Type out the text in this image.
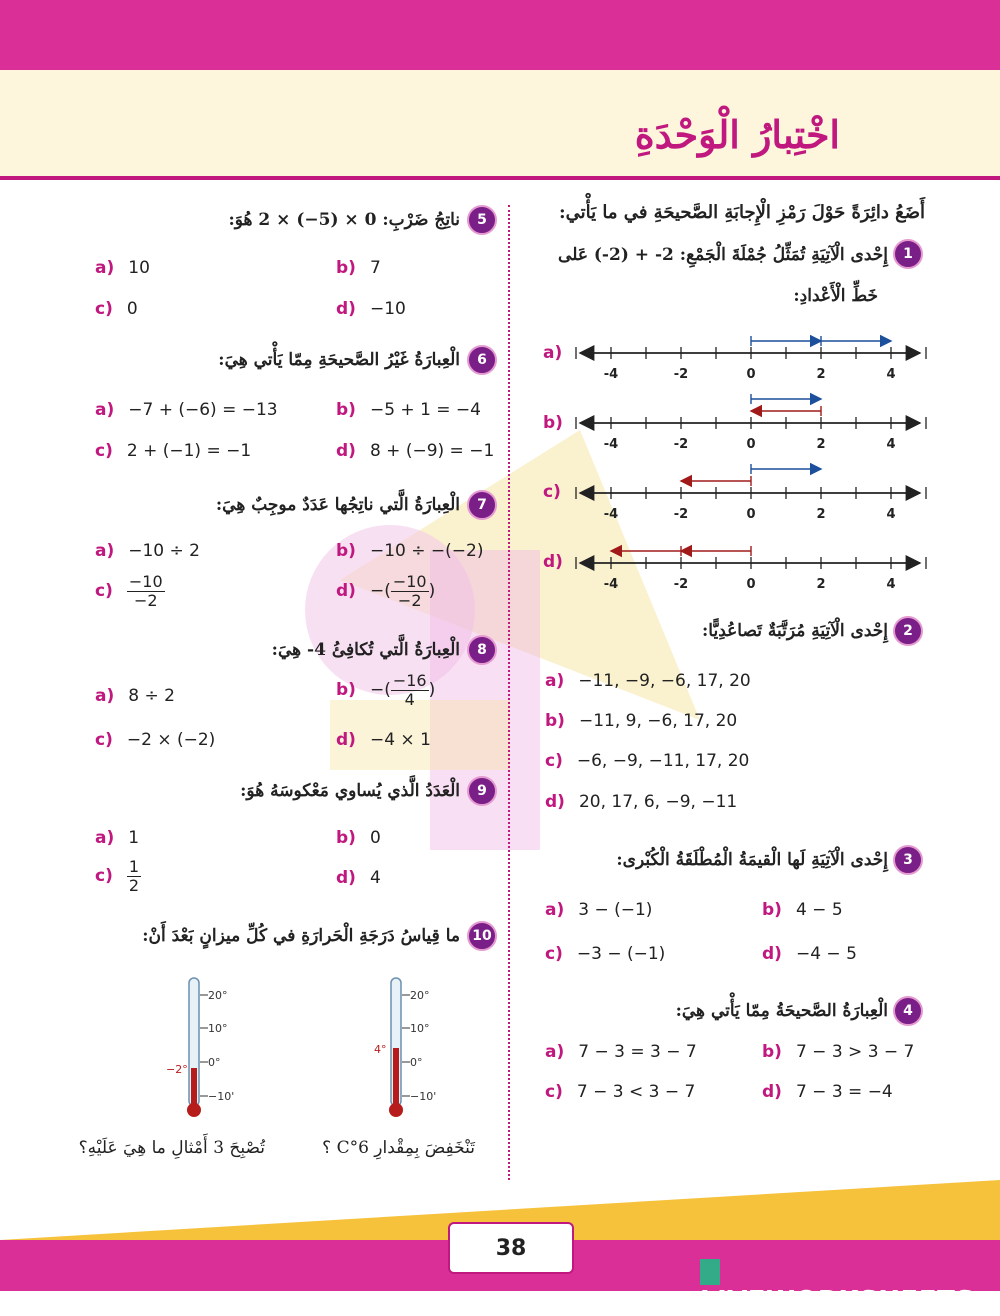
اخْتِبارُ الْوَحْدَةِ
أَضَعُ دائِرَةً حَوْلَ رَمْزِ الْإِجابَةِ الصَّحيحَةِ في ما يَأْتي:
1
إِحْدى الْآتِيَةِ تُمَثِّلُ جُمْلَةَ الْجَمْعِ: 2- + (2-) عَلى
خَطِّ الْأَعْدادِ:
-4	-2	0	2	4
-4	-2	0	2	4
-4	-2	0	2	4
-4	-2	0	2	4
a)
b)
c)
d)
2
إِحْدى الْآتِيَةِ مُرَتَّبَةٌ تَصاعُدِيًّا:
a) −11, −9, −6, 17, 20
b) −11, 9, −6, 17, 20
c) −6, −9, −11, 17, 20
d) 20, 17, 6, −9, −11
3
إِحْدى الْآتِيَةِ لَها الْقيمَةُ الْمُطْلَقَةُ الْكُبْرى:
a) 3 − (−1)	b) 4 − 5
c) −3 − (−1)	d) −4 − 5
4
الْعِبارَةُ الصَّحيحَةُ مِمّا يَأْتي هِيَ:
a) 7 − 3 = 3 − 7	b) 7 − 3 > 3 − 7
c) 7 − 3 < 3 − 7	d) 7 − 3 = −4
5
ناتِجُ ضَرْبِ: 0 × (5−) × 2 هُوَ:
a) 10	b) 7
c) 0	d) −10
6
الْعِبارَةُ غَيْرُ الصَّحيحَةِ مِمّا يَأْتي هِيَ:
a) −7 + (−6) = −13	b) −5 + 1 = −4
c) 2 + (−1) = −1	d) 8 + (−9) = −1
7
الْعِبارَةُ الَّتي ناتِجُها عَدَدٌ موجِبٌ هِيَ:
a) −10 ÷ 2	b) −10 ÷ −(−2)
$c) \frac{-10}{-2}$	d) −( $\frac{-10}{-2}$ )
8
الْعِبارَةُ الَّتي تُكافِئُ 4- هِيَ:
a) 8 ÷ 2	b) −( $\frac{-16}{4}$ )
c) −2 × (−2)	d) −4 × 1
9
الْعَدَدُ الَّذي يُساوي مَعْكوسَهُ هُوَ:
a) 1	b) 0
$c) \frac{1}{2}$	d) 4
10
ما قِياسُ دَرَجَةِ الْحَرارَةِ في كُلِّ ميزانٍ بَعْدَ أَنْ:
20°
10°
0°
−10'
−2°
20°
10°
0°
−10'
4°
تَنْخَفِضَ بِمِقْدارِ 6°C ؟
تُصْبِحَ 3 أَمْثالِ ما هِيَ عَلَيْهِ؟
38
LIVEWORKSHEETS
